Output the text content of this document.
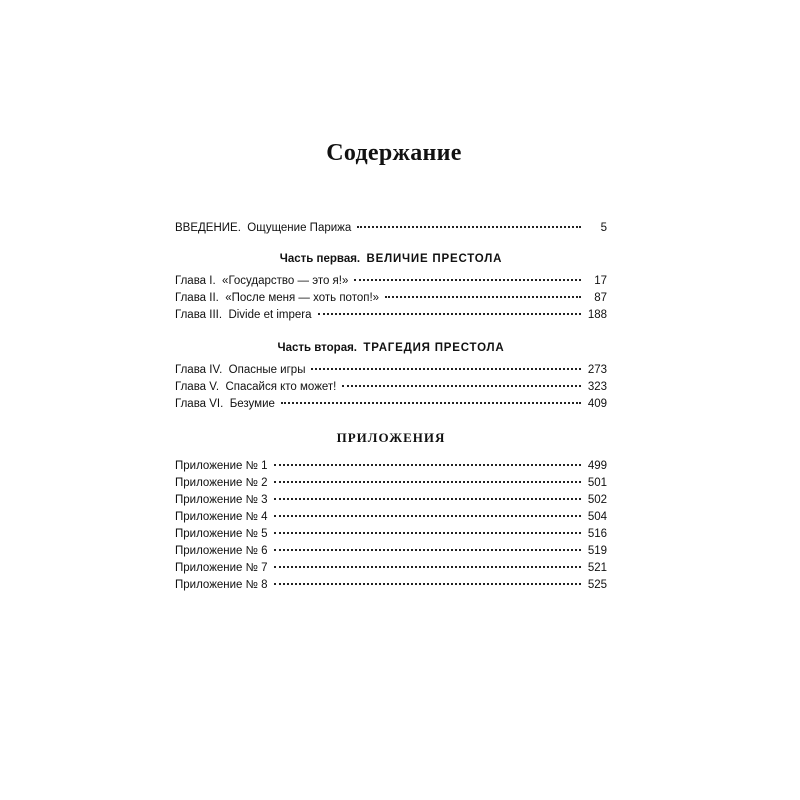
Содержание
ВВЕДЕНИЕ. Ощущение Парижа	5
Часть первая. ВЕЛИЧИЕ ПРЕСТОЛА
Глава I. «Государство — это я!»	17
Глава II. «После меня — хоть потоп!»	87
Глава III. Divide et impera	188
Часть вторая. ТРАГЕДИЯ ПРЕСТОЛА
Глава IV. Опасные игры	273
Глава V. Спасайся кто может!	323
Глава VI. Безумие	409
ПРИЛОЖЕНИЯ
Приложение № 1	499
Приложение № 2	501
Приложение № 3	502
Приложение № 4	504
Приложение № 5	516
Приложение № 6	519
Приложение № 7	521
Приложение № 8	525
